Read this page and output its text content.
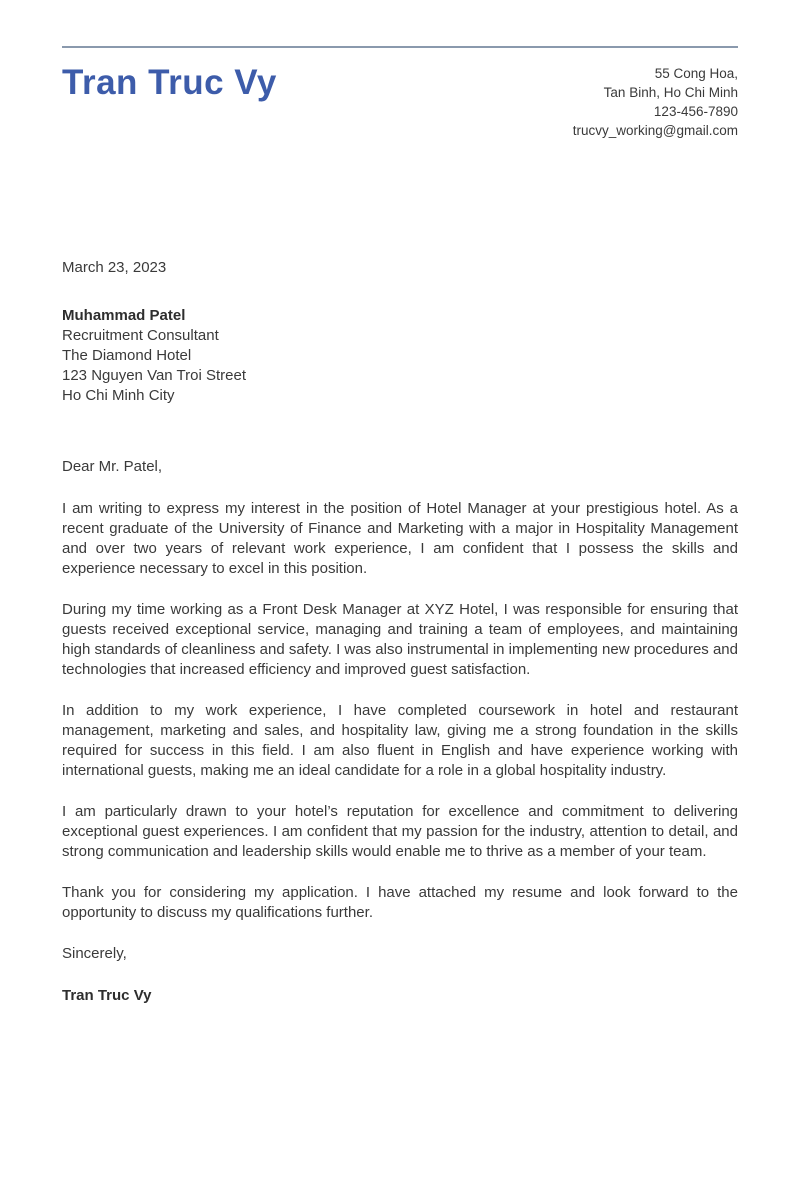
Tran Truc Vy	55 Cong Hoa,
Tan Binh, Ho Chi Minh
123-456-7890
trucvy_working@gmail.com
March 23, 2023
Muhammad Patel
Recruitment Consultant
The Diamond Hotel
123 Nguyen Van Troi Street
Ho Chi Minh City

Dear Mr. Patel,

I am writing to express my interest in the position of Hotel Manager at your prestigious hotel. As a recent graduate of the University of Finance and Marketing with a major in Hospitality Management and over two years of relevant work experience, I am confident that I possess the skills and experience necessary to excel in this position.

During my time working as a Front Desk Manager at XYZ Hotel, I was responsible for ensuring that guests received exceptional service, managing and training a team of employees, and maintaining high standards of cleanliness and safety. I was also instrumental in implementing new procedures and technologies that increased efficiency and improved guest satisfaction.

In addition to my work experience, I have completed coursework in hotel and restaurant management, marketing and sales, and hospitality law, giving me a strong foundation in the skills required for success in this field. I am also fluent in English and have experience working with international guests, making me an ideal candidate for a role in a global hospitality industry.

I am particularly drawn to your hotel’s reputation for excellence and commitment to delivering exceptional guest experiences. I am confident that my passion for the industry, attention to detail, and strong communication and leadership skills would enable me to thrive as a member of your team.

Thank you for considering my application. I have attached my resume and look forward to the opportunity to discuss my qualifications further.

Sincerely,

Tran Truc Vy
